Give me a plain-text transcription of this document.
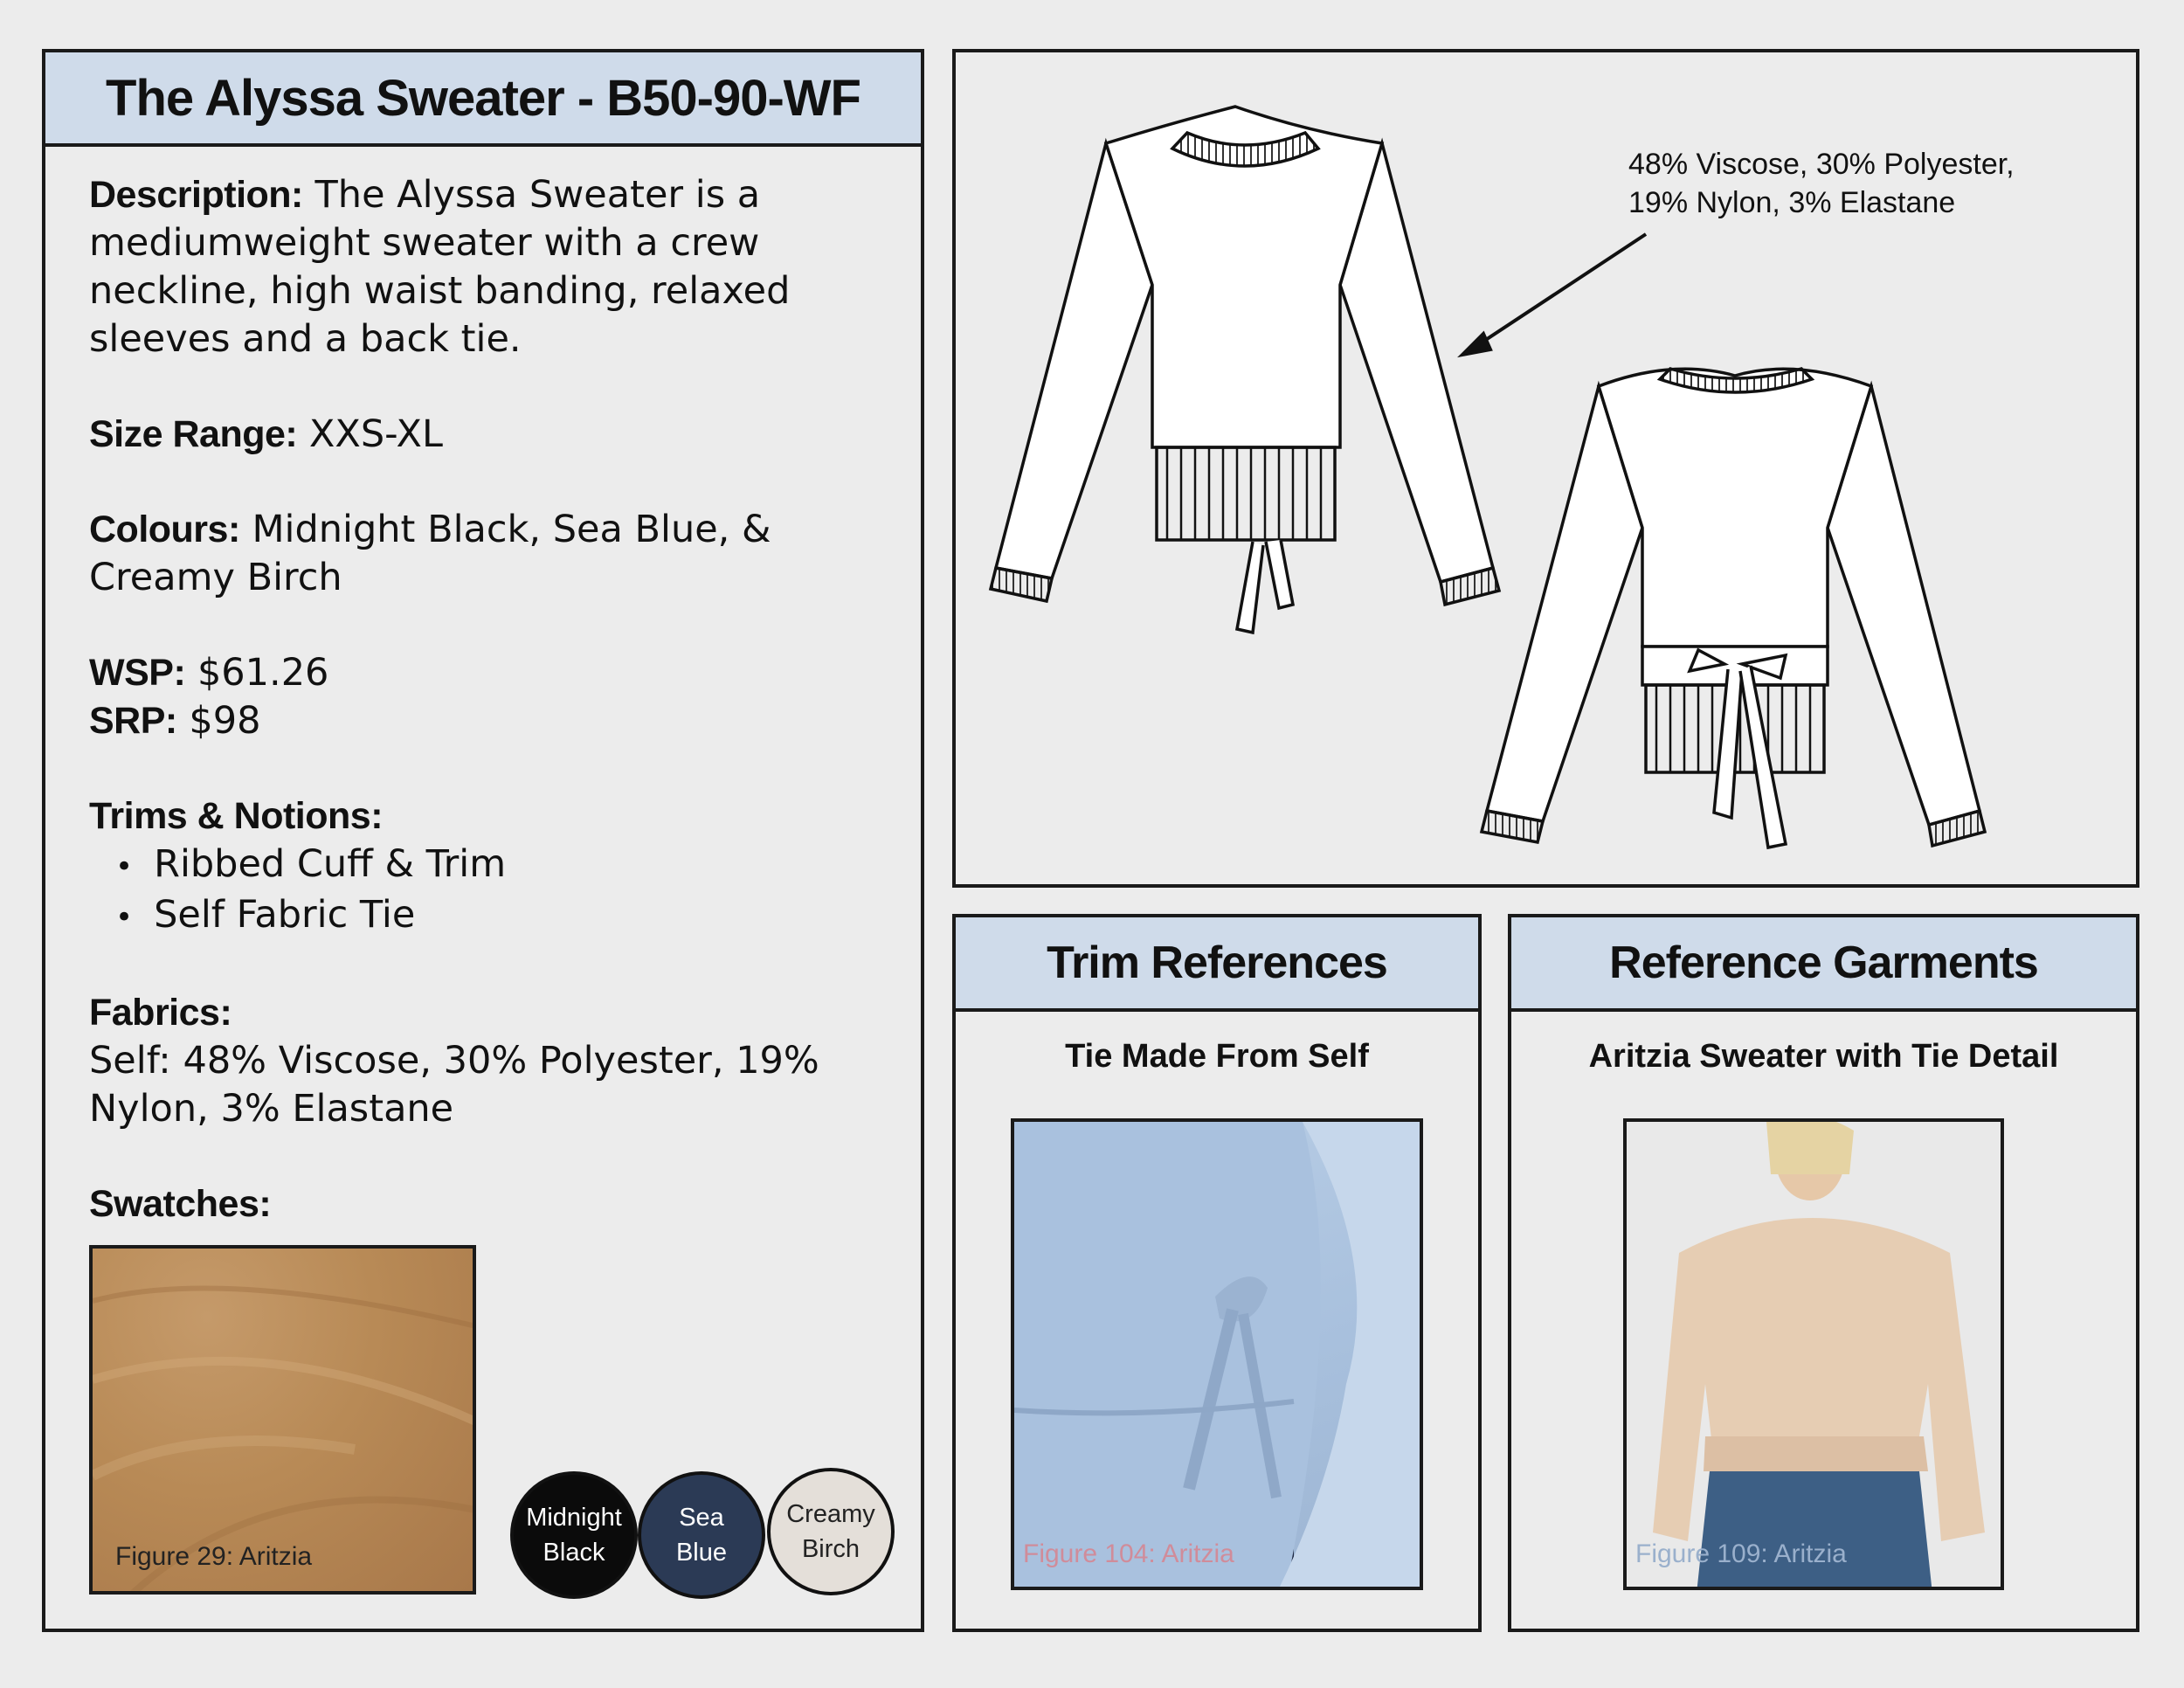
The Alyssa Sweater - B50-90-WF

Description: The Alyssa Sweater is a mediumweight sweater with a crew neckline, high waist banding, relaxed sleeves and a back tie.

Size Range: XXS-XL

Colours: Midnight Black, Sea Blue, & Creamy Birch

WSP: $61.26

SRP: $98

Trims & Notions:

• Ribbed Cuff & Trim
• Self Fabric Tie

Fabrics:

Self: 48% Viscose, 30% Polyester, 19% Nylon, 3% Elastane

Swatches:

Figure 29: Aritzia
Midnight
Black
Sea
Blue
Creamy
Birch
48% Viscose, 30% Polyester,
19% Nylon, 3% Elastane
Trim References
Tie Made From Self
Figure 104: Aritzia
Reference Garments
Aritzia Sweater with Tie Detail
Figure 109: Aritzia
